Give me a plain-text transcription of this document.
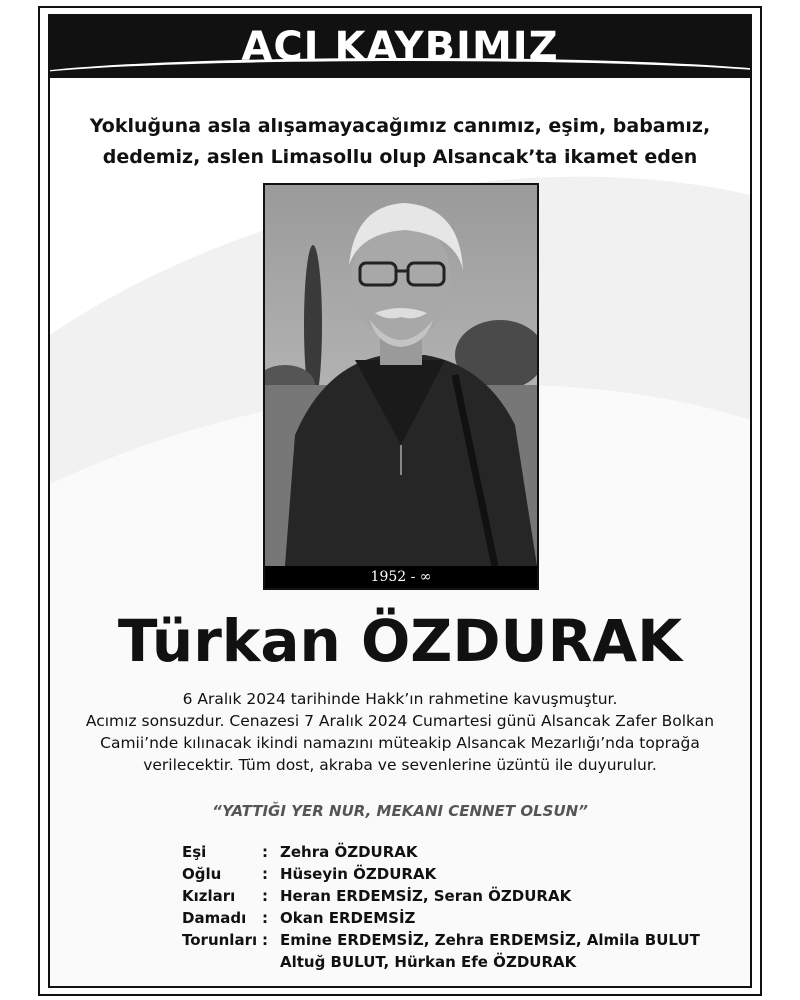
ACI KAYBIMIZ
Yokluğuna asla alışamayacağımız canımız, eşim, babamız,
dedemiz, aslen Limasollu olup Alsancak’ta ikamet eden
1952 - ∞
Türkan ÖZDURAK
6 Aralık 2024 tarihinde Hakk’ın rahmetine kavuşmuştur.
Acımız sonsuzdur. Cenazesi 7 Aralık 2024 Cumartesi günü Alsancak Zafer Bolkan
Camii’nde kılınacak ikindi namazını müteakip Alsancak Mezarlığı’nda toprağa
verilecektir. Tüm dost, akraba ve sevenlerine üzüntü ile duyurulur.
“YATTIĞI YER NUR, MEKANI CENNET OLSUN”
Eşi	:	Zehra ÖZDURAK
Oğlu	:	Hüseyin ÖZDURAK
Kızları	:	Heran ERDEMSİZ, Seran ÖZDURAK
Damadı	:	Okan ERDEMSİZ
Torunları	:	Emine ERDEMSİZ, Zehra ERDEMSİZ, Almila BULUT
		Altuğ BULUT, Hürkan Efe ÖZDURAK
